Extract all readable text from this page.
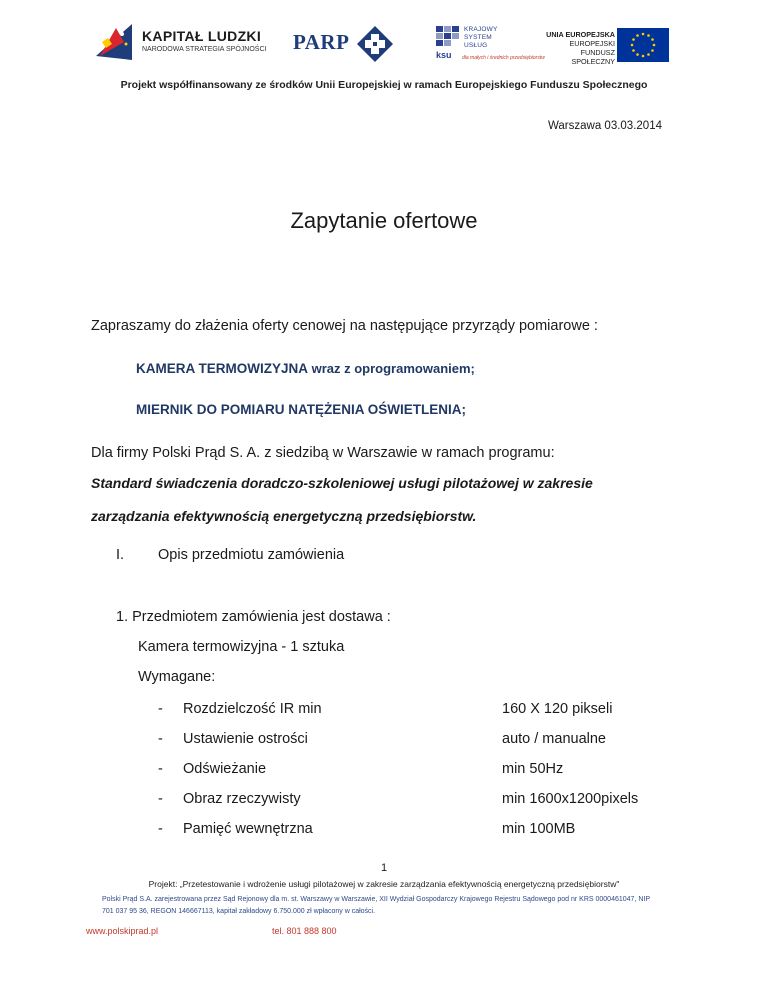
KAPITAŁ LUDZKI
NARODOWA STRATEGIA SPÓJNOŚCI PARP
ksu
KRAJOWY
SYSTEM
USŁUG
dla małych i średnich przedsiębiorstw
UNIA EUROPEJSKA
EUROPEJSKI
FUNDUSZ SPOŁECZNY
Projekt współfinansowany ze środków Unii Europejskiej w ramach Europejskiego Funduszu Społecznego
Warszawa 03.03.2014
Zapytanie ofertowe
Zapraszamy do złażenia oferty cenowej na następujące przyrządy pomiarowe :
KAMERA TERMOWIZYJNA wraz z oprogramowaniem;
MIERNIK DO POMIARU NATĘŻENIA OŚWIETLENIA;
Dla firmy Polski Prąd S. A. z siedzibą w Warszawie w ramach programu:
Standard świadczenia doradczo-szkoleniowej usługi pilotażowej w zakresie
zarządzania efektywnością energetyczną przedsiębiorstw.
I. Opis przedmiotu zamówienia
1. Przedmiotem zamówienia jest dostawa :
Kamera termowizyjna - 1 sztuka
Wymagane:
- Rozdzielczość IR min	160 X 120 pikseli
- Ustawienie ostrości	auto / manualne
- Odświeżanie	min 50Hz
- Obraz rzeczywisty	min 1600x1200pixels
- Pamięć wewnętrzna	min 100MB
1
Projekt: „Przetestowanie i wdrożenie usługi pilotażowej w zakresie zarządzania efektywnością energetyczną przedsiębiorstw"
Polski Prąd S.A. zarejestrowana przez Sąd Rejonowy dla m. st. Warszawy w Warszawie, XII Wydział Gospodarczy Krajowego Rejestru Sądowego pod nr KRS 0000461047, NIP 701 037 95 36, REGON 146667113, kapitał zakładowy 6.750.000 zł wpłacony w całości.
www.polskiprad.pl	tel. 801 888 800
